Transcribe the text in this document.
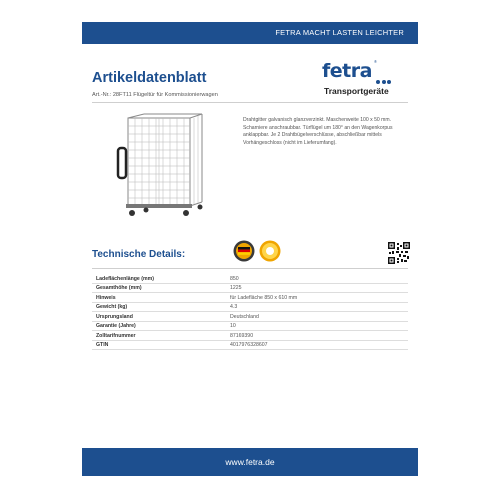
FETRA MACHT LASTEN LEICHTER
Artikeldatenblatt
Art.-Nr.: 28FT11 Flügeltür für Kommissionierwagen
fetra ®
Transportgeräte
Drahtgitter galvanisch glanzverzinkt. Maschenweite 100 x 50 mm. Scharniere anschraubbar. Türflügel um 180° an den Wagenkorpus anklappbar. Je 2 Drahtbügelverschlüsse, abschließbar mittels Vorhängeschloss (nicht im Lieferumfang).
Technische Details:
Ladeflächenlänge (mm)	850
Gesamthöhe (mm)	1225
Hinweis	für Ladefläche 850 x 610 mm
Gewicht (kg)	4.3
Ursprungsland	Deutschland
Garantie (Jahre)	10
Zolltarifnummer	87169390
GTIN	4017976328607
www.fetra.de
